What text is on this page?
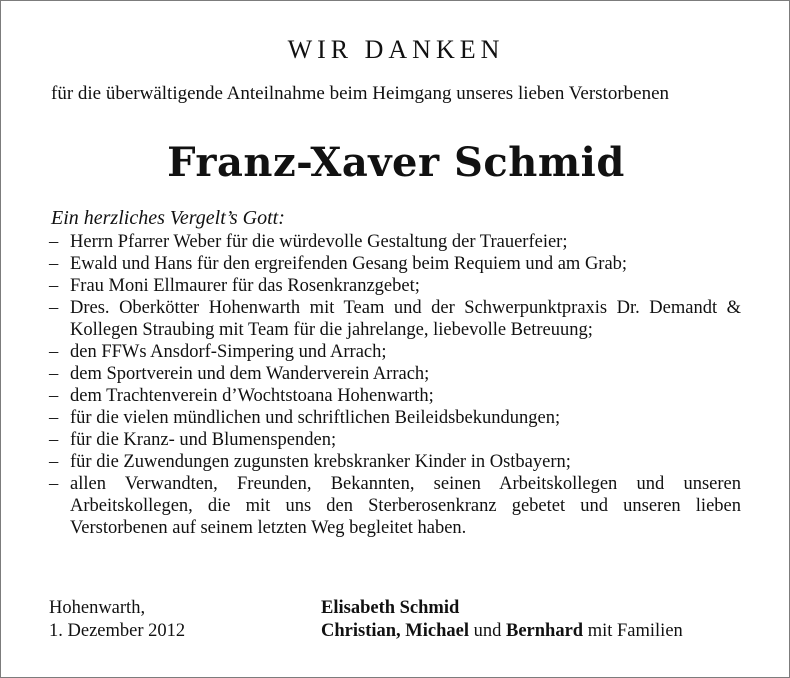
WIR DANKEN
für die überwältigende Anteilnahme beim Heimgang unseres lieben Verstorbenen
Franz-Xaver Schmid
Ein herzliches Vergelt’s Gott:
– Herrn Pfarrer Weber für die würdevolle Gestaltung der Trauerfeier;
– Ewald und Hans für den ergreifenden Gesang beim Requiem und am Grab;
– Frau Moni Ellmaurer für das Rosenkranzgebet;
– Dres. Oberkötter Hohenwarth mit Team und der Schwerpunktpraxis Dr. Demandt & Kollegen Straubing mit Team für die jahrelange, liebevolle Betreuung;
– den FFWs Ansdorf-Simpering und Arrach;
– dem Sportverein und dem Wanderverein Arrach;
– dem Trachtenverein d’Wochtstoana Hohenwarth;
– für die vielen mündlichen und schriftlichen Beileidsbekundungen;
– für die Kranz- und Blumenspenden;
– für die Zuwendungen zugunsten krebskranker Kinder in Ostbayern;
– allen Verwandten, Freunden, Bekannten, seinen Arbeitskollegen und unseren Arbeitskollegen, die mit uns den Sterberosenkranz gebetet und unseren lieben Verstorbenen auf seinem letzten Weg begleitet haben.
Hohenwarth,
1. Dezember 2012
Elisabeth Schmid
Christian, Michael und Bernhard mit Familien
